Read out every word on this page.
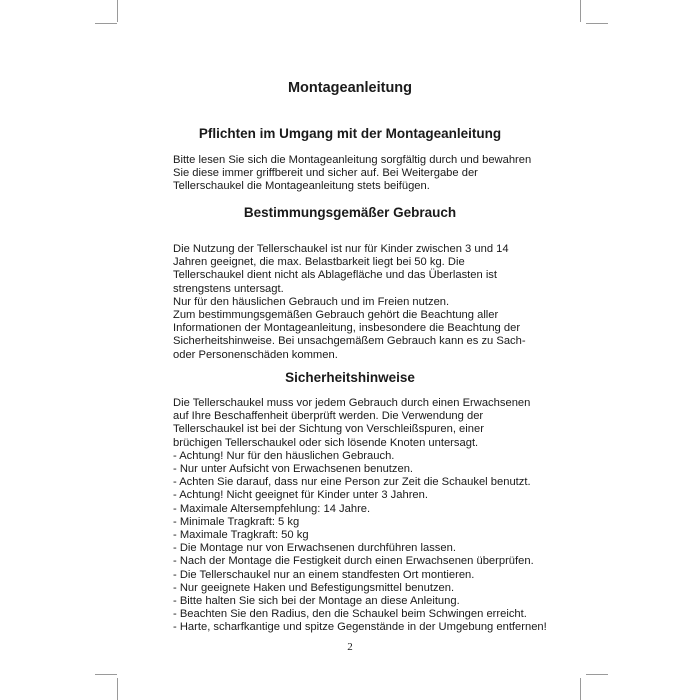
Montageanleitung
Pflichten im Umgang mit der Montageanleitung
Bitte lesen Sie sich die Montageanleitung sorgfältig durch und bewahren
Sie diese immer griffbereit und sicher auf. Bei Weitergabe der
Tellerschaukel die Montageanleitung stets beifügen.
Bestimmungsgemäßer Gebrauch
Die Nutzung der Tellerschaukel ist nur für Kinder zwischen 3 und 14
Jahren geeignet, die max. Belastbarkeit liegt bei 50 kg. Die
Tellerschaukel dient nicht als Ablagefläche und das Überlasten ist
strengstens untersagt.
Nur für den häuslichen Gebrauch und im Freien nutzen.
Zum bestimmungsgemäßen Gebrauch gehört die Beachtung aller
Informationen der Montageanleitung, insbesondere die Beachtung der
Sicherheitshinweise. Bei unsachgemäßem Gebrauch kann es zu Sach-
oder Personenschäden kommen.
Sicherheitshinweise
Die Tellerschaukel muss vor jedem Gebrauch durch einen Erwachsenen
auf Ihre Beschaffenheit überprüft werden. Die Verwendung der
Tellerschaukel ist bei der Sichtung von Verschleißspuren, einer
brüchigen Tellerschaukel oder sich lösende Knoten untersagt.
- Achtung! Nur für den häuslichen Gebrauch.
- Nur unter Aufsicht von Erwachsenen benutzen.
- Achten Sie darauf, dass nur eine Person zur Zeit die Schaukel benutzt.
- Achtung! Nicht geeignet für Kinder unter 3 Jahren.
- Maximale Altersempfehlung: 14 Jahre.
- Minimale Tragkraft: 5 kg
- Maximale Tragkraft: 50 kg
- Die Montage nur von Erwachsenen durchführen lassen.
- Nach der Montage die Festigkeit durch einen Erwachsenen überprüfen.
- Die Tellerschaukel nur an einem standfesten Ort montieren.
- Nur geeignete Haken und Befestigungsmittel benutzen.
- Bitte halten Sie sich bei der Montage an diese Anleitung.
- Beachten Sie den Radius, den die Schaukel beim Schwingen erreicht.
- Harte, scharfkantige und spitze Gegenstände in der Umgebung entfernen!
2
